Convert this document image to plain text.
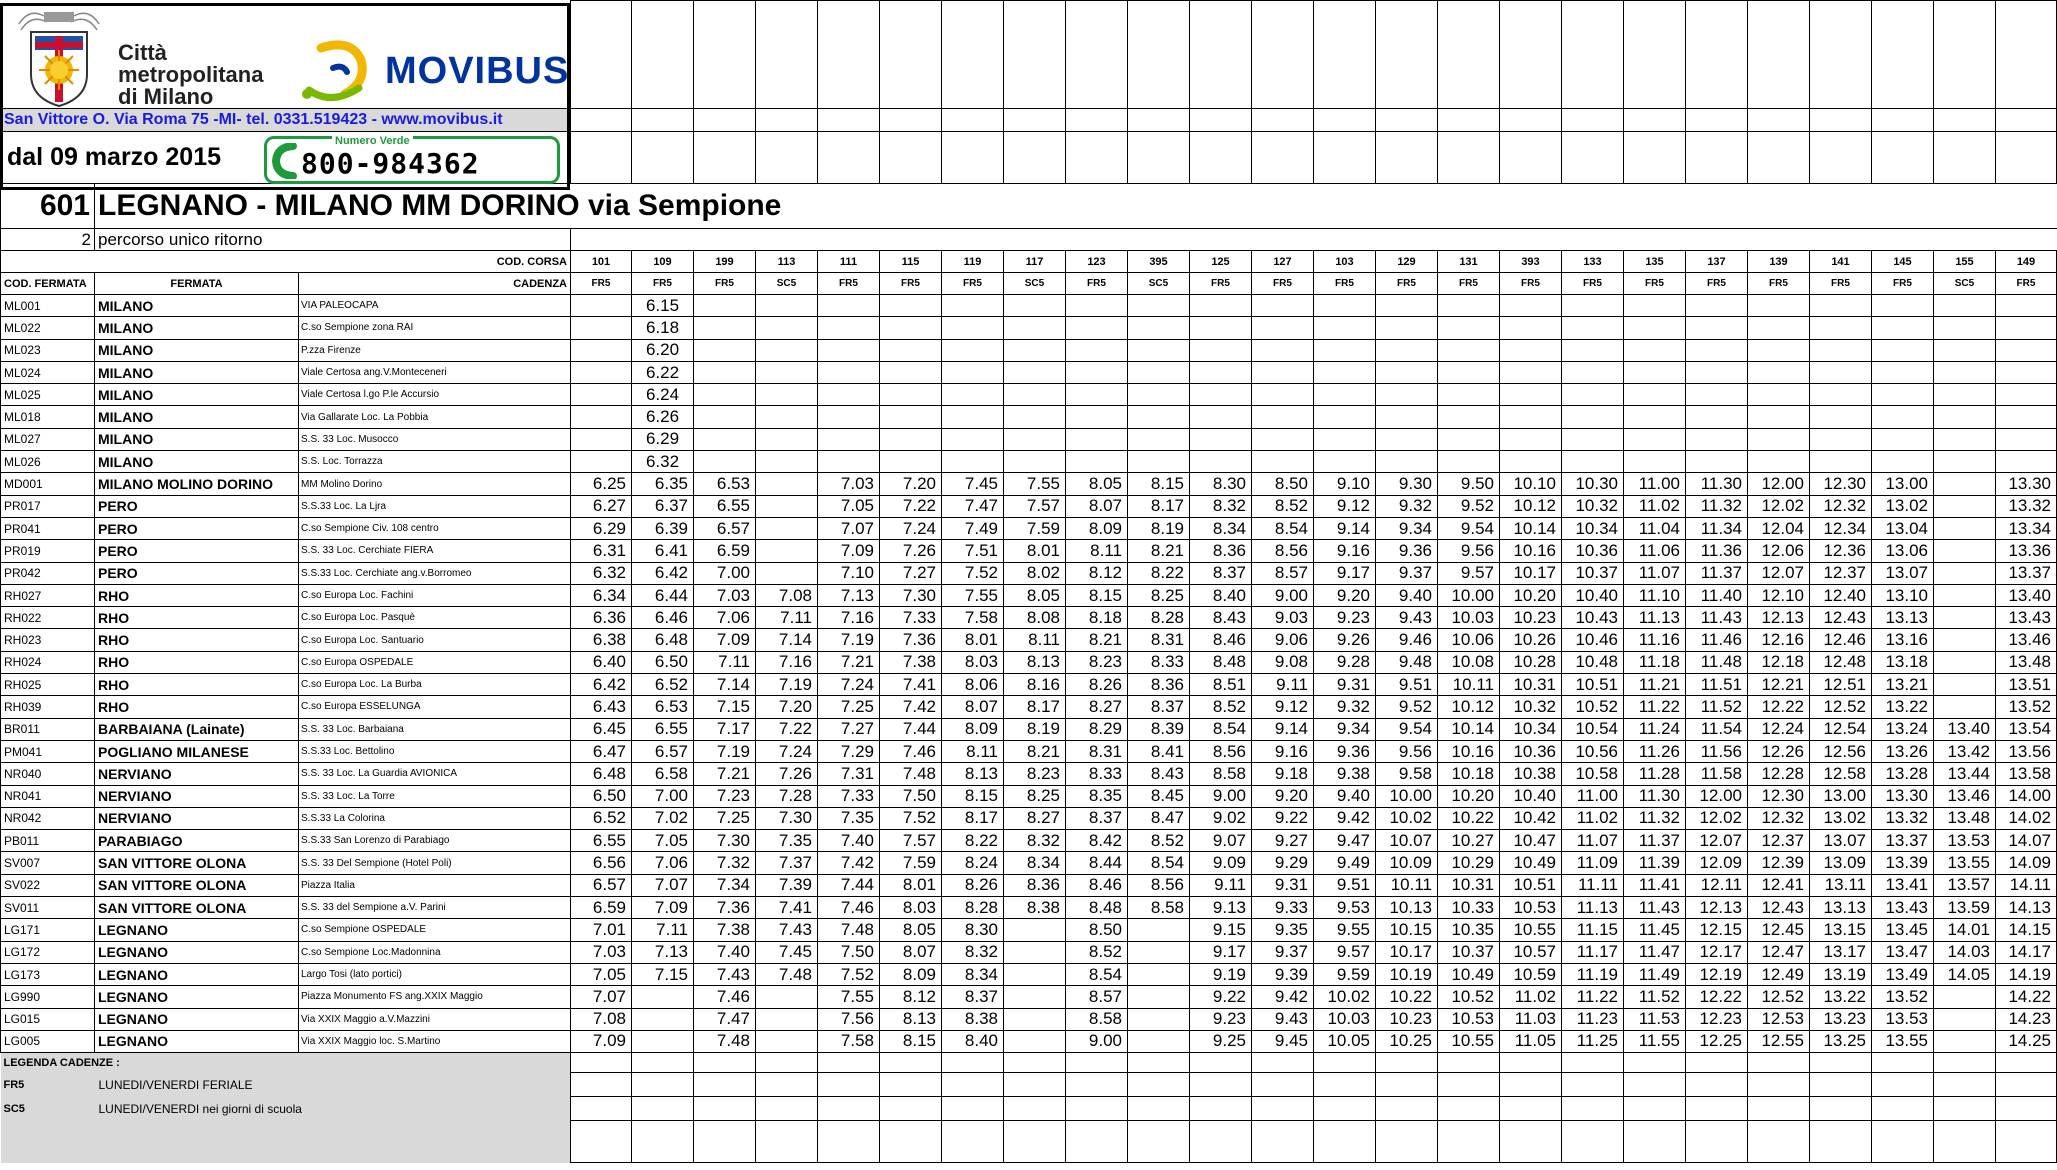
San Vittore O. Via Roma 75 -MI- tel. 0331.519423 - www.movibus.it																										
dal 09 marzo 2015																										
601	LEGNANO - MILANO MM DORINO via Sempione																									
2	percorso unico ritorno																									
COD. CORSA			101	109	199	113	111	115	119	117	123	395	125	127	103	129	131	393	133	135	137	139	141	145	155	149
COD. FERMATA	FERMATA	CADENZA	FR5	FR5	FR5	SC5	FR5	FR5	FR5	SC5	FR5	SC5	FR5	FR5	FR5	FR5	FR5	FR5	FR5	FR5	FR5	FR5	FR5	FR5	SC5	FR5
ML001	MILANO	VIA PALEOCAPA		6.15																						
ML022	MILANO	C.so Sempione zona RAI		6.18																						
ML023	MILANO	P.zza Firenze		6.20																						
ML024	MILANO	Viale Certosa ang.V.Monteceneri		6.22																						
ML025	MILANO	Viale Certosa l.go P.le Accursio		6.24																						
ML018	MILANO	Via Gallarate Loc. La Pobbia		6.26																						
ML027	MILANO	S.S. 33 Loc. Musocco		6.29																						
ML026	MILANO	S.S. Loc. Torrazza		6.32																						
MD001	MILANO MOLINO DORINO	MM Molino Dorino	6.25	6.35	6.53		7.03	7.20	7.45	7.55	8.05	8.15	8.30	8.50	9.10	9.30	9.50	10.10	10.30	11.00	11.30	12.00	12.30	13.00		13.30
PR017	PERO	S.S.33 Loc. La Ljra	6.27	6.37	6.55		7.05	7.22	7.47	7.57	8.07	8.17	8.32	8.52	9.12	9.32	9.52	10.12	10.32	11.02	11.32	12.02	12.32	13.02		13.32
PR041	PERO	C.so Sempione Civ. 108 centro	6.29	6.39	6.57		7.07	7.24	7.49	7.59	8.09	8.19	8.34	8.54	9.14	9.34	9.54	10.14	10.34	11.04	11.34	12.04	12.34	13.04		13.34
PR019	PERO	S.S. 33 Loc. Cerchiate FIERA	6.31	6.41	6.59		7.09	7.26	7.51	8.01	8.11	8.21	8.36	8.56	9.16	9.36	9.56	10.16	10.36	11.06	11.36	12.06	12.36	13.06		13.36
PR042	PERO	S.S.33 Loc. Cerchiate ang.v.Borromeo	6.32	6.42	7.00		7.10	7.27	7.52	8.02	8.12	8.22	8.37	8.57	9.17	9.37	9.57	10.17	10.37	11.07	11.37	12.07	12.37	13.07		13.37
RH027	RHO	C.so Europa Loc. Fachini	6.34	6.44	7.03	7.08	7.13	7.30	7.55	8.05	8.15	8.25	8.40	9.00	9.20	9.40	10.00	10.20	10.40	11.10	11.40	12.10	12.40	13.10		13.40
RH022	RHO	C.so Europa Loc. Pasquè	6.36	6.46	7.06	7.11	7.16	7.33	7.58	8.08	8.18	8.28	8.43	9.03	9.23	9.43	10.03	10.23	10.43	11.13	11.43	12.13	12.43	13.13		13.43
RH023	RHO	C.so Europa Loc. Santuario	6.38	6.48	7.09	7.14	7.19	7.36	8.01	8.11	8.21	8.31	8.46	9.06	9.26	9.46	10.06	10.26	10.46	11.16	11.46	12.16	12.46	13.16		13.46
RH024	RHO	C.so Europa OSPEDALE	6.40	6.50	7.11	7.16	7.21	7.38	8.03	8.13	8.23	8.33	8.48	9.08	9.28	9.48	10.08	10.28	10.48	11.18	11.48	12.18	12.48	13.18		13.48
RH025	RHO	C.so Europa Loc. La Burba	6.42	6.52	7.14	7.19	7.24	7.41	8.06	8.16	8.26	8.36	8.51	9.11	9.31	9.51	10.11	10.31	10.51	11.21	11.51	12.21	12.51	13.21		13.51
RH039	RHO	C.so Europa ESSELUNGA	6.43	6.53	7.15	7.20	7.25	7.42	8.07	8.17	8.27	8.37	8.52	9.12	9.32	9.52	10.12	10.32	10.52	11.22	11.52	12.22	12.52	13.22		13.52
BR011	BARBAIANA (Lainate)	S.S. 33 Loc. Barbaiana	6.45	6.55	7.17	7.22	7.27	7.44	8.09	8.19	8.29	8.39	8.54	9.14	9.34	9.54	10.14	10.34	10.54	11.24	11.54	12.24	12.54	13.24	13.40	13.54
PM041	POGLIANO MILANESE	S.S.33 Loc. Bettolino	6.47	6.57	7.19	7.24	7.29	7.46	8.11	8.21	8.31	8.41	8.56	9.16	9.36	9.56	10.16	10.36	10.56	11.26	11.56	12.26	12.56	13.26	13.42	13.56
NR040	NERVIANO	S.S. 33 Loc. La Guardia AVIONICA	6.48	6.58	7.21	7.26	7.31	7.48	8.13	8.23	8.33	8.43	8.58	9.18	9.38	9.58	10.18	10.38	10.58	11.28	11.58	12.28	12.58	13.28	13.44	13.58
NR041	NERVIANO	S.S. 33 Loc. La Torre	6.50	7.00	7.23	7.28	7.33	7.50	8.15	8.25	8.35	8.45	9.00	9.20	9.40	10.00	10.20	10.40	11.00	11.30	12.00	12.30	13.00	13.30	13.46	14.00
NR042	NERVIANO	S.S.33 La Colorina	6.52	7.02	7.25	7.30	7.35	7.52	8.17	8.27	8.37	8.47	9.02	9.22	9.42	10.02	10.22	10.42	11.02	11.32	12.02	12.32	13.02	13.32	13.48	14.02
PB011	PARABIAGO	S.S.33 San Lorenzo di Parabiago	6.55	7.05	7.30	7.35	7.40	7.57	8.22	8.32	8.42	8.52	9.07	9.27	9.47	10.07	10.27	10.47	11.07	11.37	12.07	12.37	13.07	13.37	13.53	14.07
SV007	SAN VITTORE OLONA	S.S. 33 Del Sempione (Hotel Poli)	6.56	7.06	7.32	7.37	7.42	7.59	8.24	8.34	8.44	8.54	9.09	9.29	9.49	10.09	10.29	10.49	11.09	11.39	12.09	12.39	13.09	13.39	13.55	14.09
SV022	SAN VITTORE OLONA	Piazza Italia	6.57	7.07	7.34	7.39	7.44	8.01	8.26	8.36	8.46	8.56	9.11	9.31	9.51	10.11	10.31	10.51	11.11	11.41	12.11	12.41	13.11	13.41	13.57	14.11
SV011	SAN VITTORE OLONA	S.S. 33 del Sempione a.V. Parini	6.59	7.09	7.36	7.41	7.46	8.03	8.28	8.38	8.48	8.58	9.13	9.33	9.53	10.13	10.33	10.53	11.13	11.43	12.13	12.43	13.13	13.43	13.59	14.13
LG171	LEGNANO	C.so Sempione OSPEDALE	7.01	7.11	7.38	7.43	7.48	8.05	8.30		8.50		9.15	9.35	9.55	10.15	10.35	10.55	11.15	11.45	12.15	12.45	13.15	13.45	14.01	14.15
LG172	LEGNANO	C.so Sempione Loc.Madonnina	7.03	7.13	7.40	7.45	7.50	8.07	8.32		8.52		9.17	9.37	9.57	10.17	10.37	10.57	11.17	11.47	12.17	12.47	13.17	13.47	14.03	14.17
LG173	LEGNANO	Largo Tosi (lato portici)	7.05	7.15	7.43	7.48	7.52	8.09	8.34		8.54		9.19	9.39	9.59	10.19	10.49	10.59	11.19	11.49	12.19	12.49	13.19	13.49	14.05	14.19
LG990	LEGNANO	Piazza Monumento FS ang.XXIX Maggio	7.07		7.46		7.55	8.12	8.37		8.57		9.22	9.42	10.02	10.22	10.52	11.02	11.22	11.52	12.22	12.52	13.22	13.52		14.22
LG015	LEGNANO	Via XXIX Maggio a.V.Mazzini	7.08		7.47		7.56	8.13	8.38		8.58		9.23	9.43	10.03	10.23	10.53	11.03	11.23	11.53	12.23	12.53	13.23	13.53		14.23
LG005	LEGNANO	Via XXIX Maggio loc. S.Martino	7.09		7.48		7.58	8.15	8.40		9.00		9.25	9.45	10.05	10.25	10.55	11.05	11.25	11.55	12.25	12.55	13.25	13.55		14.25
LEGENDA CADENZE :																										
FR5	LUNEDI/VENERDI FERIALE																									
SC5	LUNEDI/VENERDI nei giorni di scuola																									

Città
metropolitana
di Milano
MOVIBUS
Numero Verde
800-984362
